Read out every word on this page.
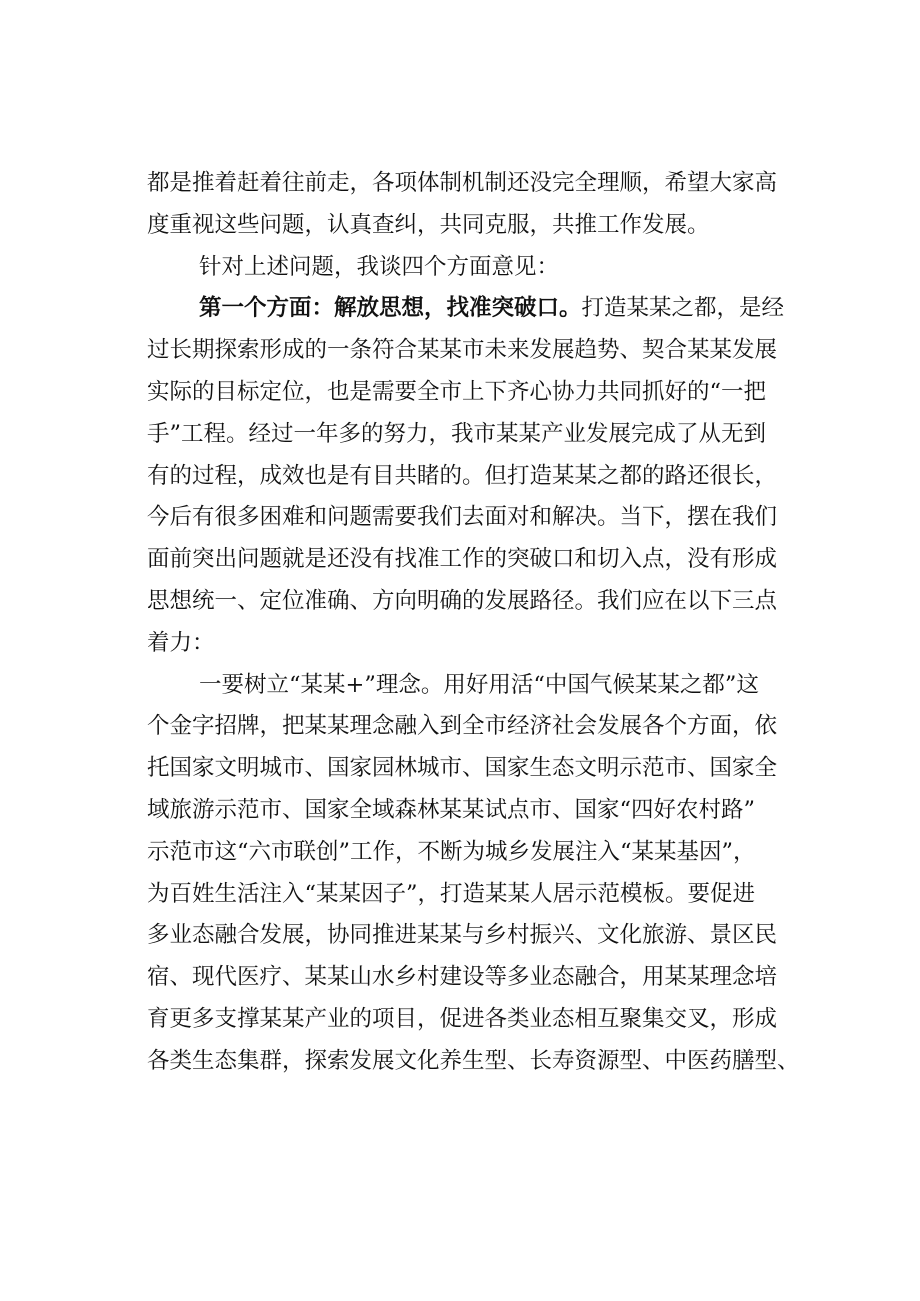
都是推着赶着往前走，各项体制机制还没完全理顺，希望大家高
度重视这些问题，认真查纠，共同克服，共推工作发展。
针对上述问题，我谈四个方面意见：
第一个方面：解放思想，找准突破口。打造某某之都，是经
过长期探索形成的一条符合某某市未来发展趋势、契合某某发展
实际的目标定位，也是需要全市上下齐心协力共同抓好的“一把
手”工程。经过一年多的努力，我市某某产业发展完成了从无到
有的过程，成效也是有目共睹的。但打造某某之都的路还很长，
今后有很多困难和问题需要我们去面对和解决。当下，摆在我们
面前突出问题就是还没有找准工作的突破口和切入点，没有形成
思想统一、定位准确、方向明确的发展路径。我们应在以下三点
着力：
一要树立“某某+”理念。用好用活“中国气候某某之都”这
个金字招牌，把某某理念融入到全市经济社会发展各个方面，依
托国家文明城市、国家园林城市、国家生态文明示范市、国家全
域旅游示范市、国家全域森林某某试点市、国家“四好农村路”
示范市这“六市联创”工作，不断为城乡发展注入“某某基因”，
为百姓生活注入“某某因子”，打造某某人居示范模板。要促进
多业态融合发展，协同推进某某与乡村振兴、文化旅游、景区民
宿、现代医疗、某某山水乡村建设等多业态融合，用某某理念培
育更多支撑某某产业的项目，促进各类业态相互聚集交叉，形成
各类生态集群，探索发展文化养生型、长寿资源型、中医药膳型、
